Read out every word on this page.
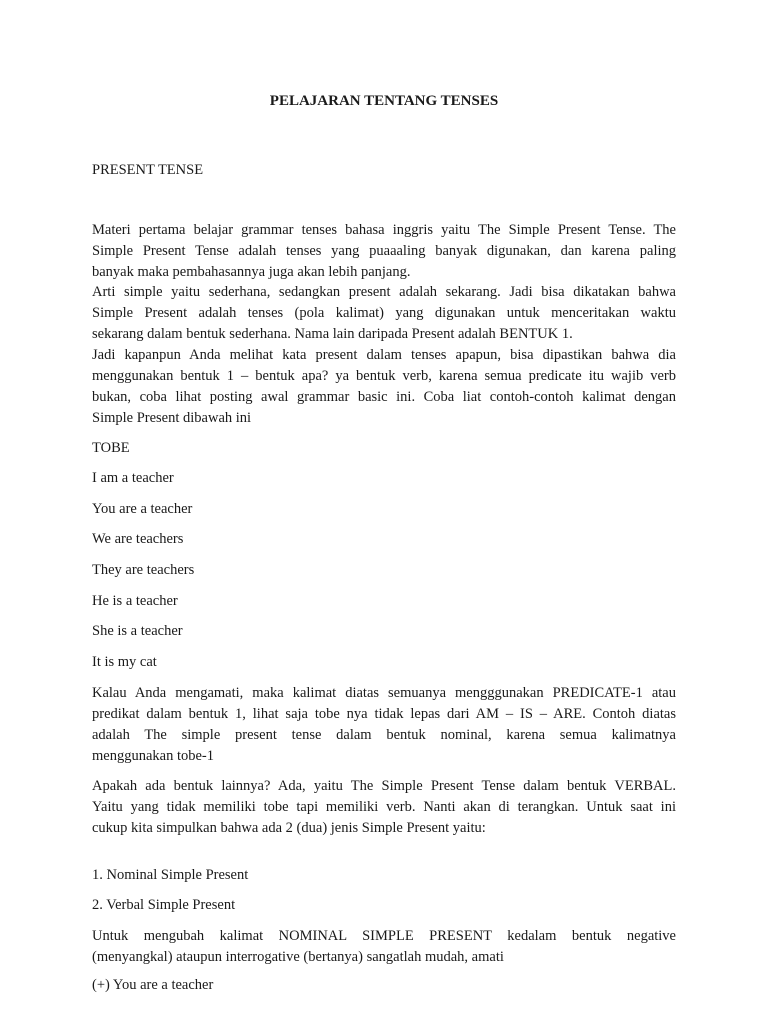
PELAJARAN TENTANG TENSES
PRESENT TENSE
Materi pertama belajar grammar tenses bahasa inggris yaitu The Simple Present Tense. The
Simple Present Tense adalah tenses yang puaaaling banyak digunakan, dan karena paling
banyak maka pembahasannya juga akan lebih panjang.
Arti simple yaitu sederhana, sedangkan present adalah sekarang. Jadi bisa dikatakan bahwa
Simple Present adalah tenses (pola kalimat) yang digunakan untuk menceritakan waktu
sekarang dalam bentuk sederhana. Nama lain daripada Present adalah BENTUK 1.
Jadi kapanpun Anda melihat kata present dalam tenses apapun, bisa dipastikan bahwa dia
menggunakan bentuk 1 – bentuk apa? ya bentuk verb, karena semua predicate itu wajib verb
bukan, coba lihat posting awal grammar basic ini. Coba liat contoh-contoh kalimat dengan
Simple Present dibawah ini
TOBE
I am a teacher
You are a teacher
We are teachers
They are teachers
He is a teacher
She is a teacher
It is my cat
Kalau Anda mengamati, maka kalimat diatas semuanya mengggunakan PREDICATE-1 atau
predikat dalam bentuk 1, lihat saja tobe nya tidak lepas dari AM – IS – ARE. Contoh diatas
adalah The simple present tense dalam bentuk nominal, karena semua kalimatnya
menggunakan tobe-1
Apakah ada bentuk lainnya? Ada, yaitu The Simple Present Tense dalam bentuk VERBAL.
Yaitu yang tidak memiliki tobe tapi memiliki verb. Nanti akan di terangkan. Untuk saat ini
cukup kita simpulkan bahwa ada 2 (dua) jenis Simple Present yaitu:
1. Nominal Simple Present
2. Verbal Simple Present
Untuk mengubah kalimat NOMINAL SIMPLE PRESENT kedalam bentuk negative
(menyangkal) ataupun interrogative (bertanya) sangatlah mudah, amati
(+) You are a teacher
